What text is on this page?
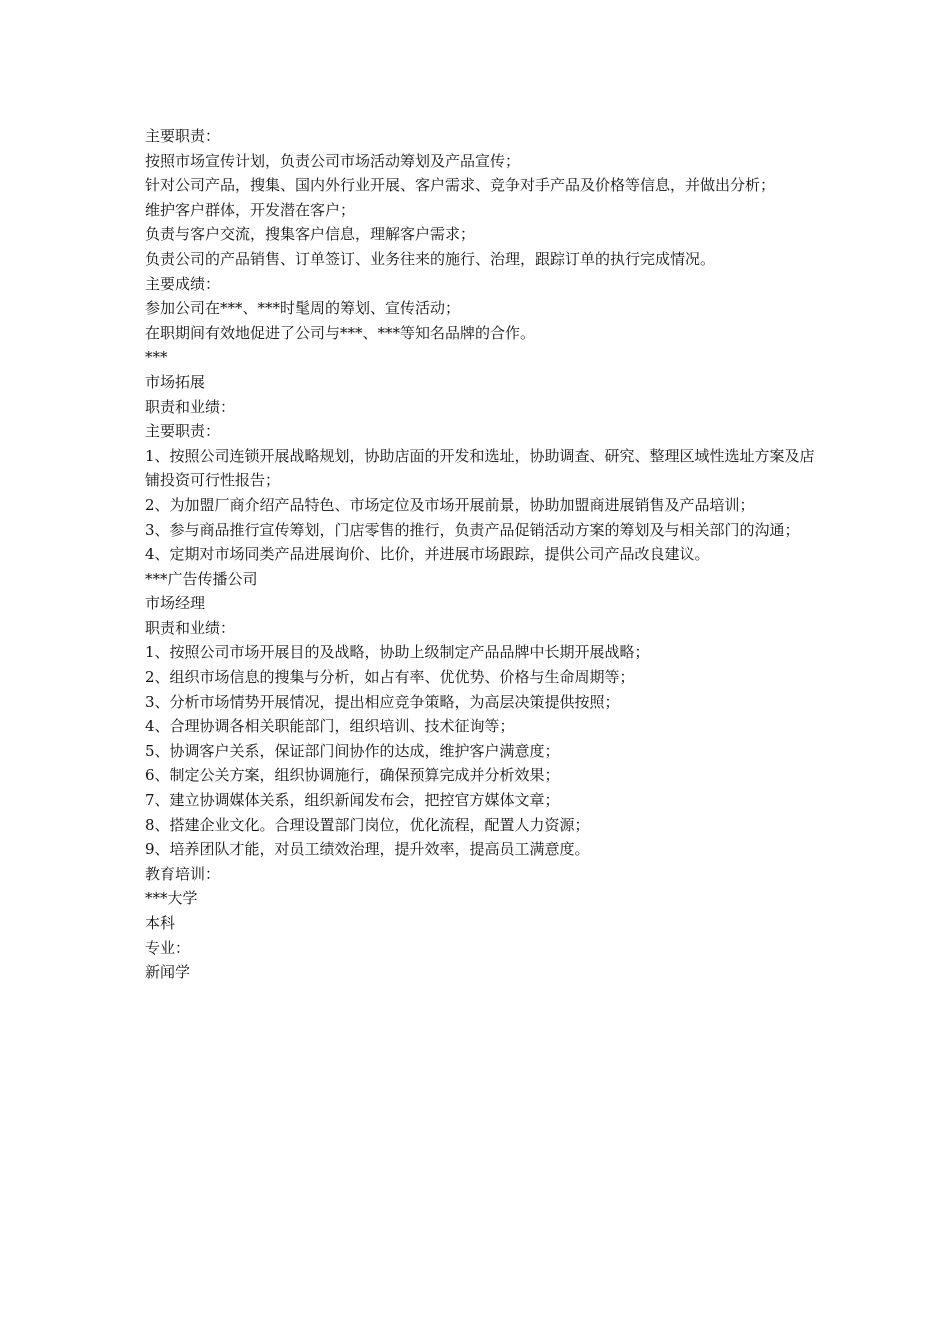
主要职责：

按照市场宣传计划，负责公司市场活动筹划及产品宣传；

针对公司产品，搜集、国内外行业开展、客户需求、竞争对手产品及价格等信息，并做出分析；

维护客户群体，开发潜在客户；

负责与客户交流，搜集客户信息，理解客户需求；

负责公司的产品销售、订单签订、业务往来的施行、治理，跟踪订单的执行完成情况。

主要成绩：

参加公司在***、***时髦周的筹划、宣传活动；

在职期间有效地促进了公司与***、***等知名品牌的合作。

***

市场拓展

职责和业绩：

主要职责：

1、按照公司连锁开展战略规划，协助店面的开发和选址，协助调查、研究、整理区域性选址方案及店铺投资可行性报告；

2、为加盟厂商介绍产品特色、市场定位及市场开展前景，协助加盟商进展销售及产品培训；

3、参与商品推行宣传筹划，门店零售的推行，负责产品促销活动方案的筹划及与相关部门的沟通；

4、定期对市场同类产品进展询价、比价，并进展市场跟踪，提供公司产品改良建议。

***广告传播公司

市场经理

职责和业绩：

1、按照公司市场开展目的及战略，协助上级制定产品品牌中长期开展战略；

2、组织市场信息的搜集与分析，如占有率、优优势、价格与生命周期等；

3、分析市场情势开展情况，提出相应竞争策略，为高层决策提供按照；

4、合理协调各相关职能部门，组织培训、技术征询等；

5、协调客户关系，保证部门间协作的达成，维护客户满意度；

6、制定公关方案，组织协调施行，确保预算完成并分析效果；

7、建立协调媒体关系，组织新闻发布会，把控官方媒体文章；

8、搭建企业文化。合理设置部门岗位，优化流程，配置人力资源；

9、培养团队才能，对员工绩效治理，提升效率，提高员工满意度。

教育培训：

***大学

本科

专业：

新闻学
